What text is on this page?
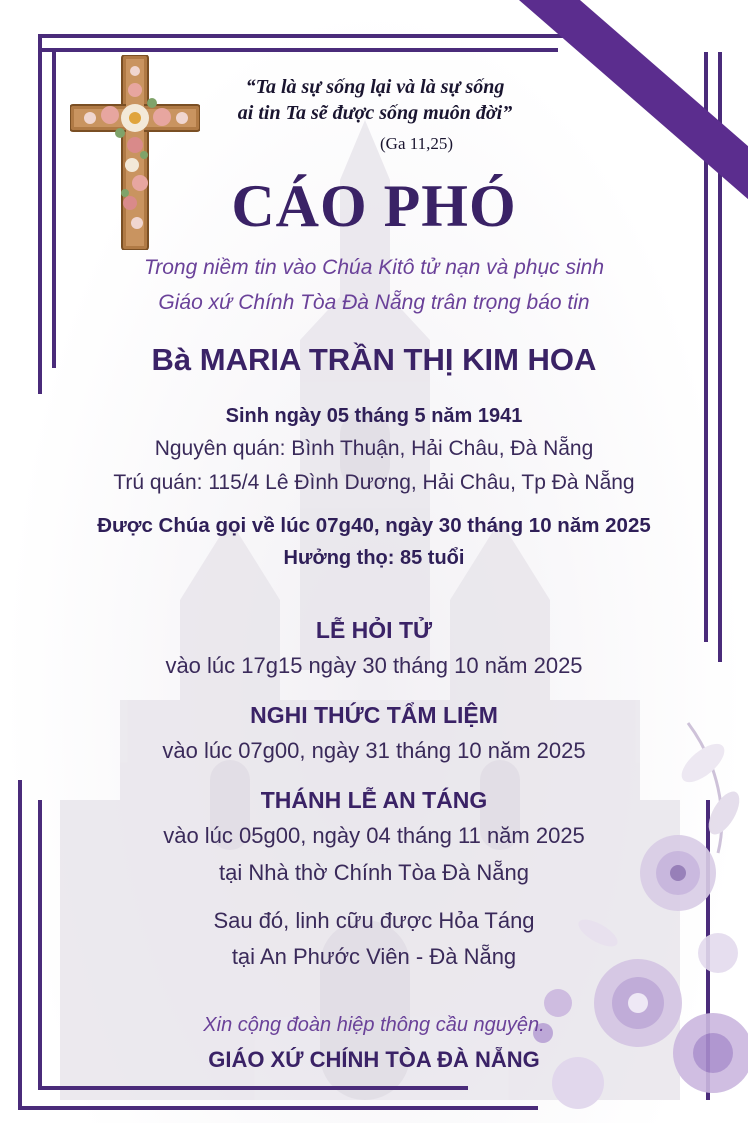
“Ta là sự sống lại và là sự sống
ai tin Ta sẽ được sống muôn đời”
(Ga 11,25)
CÁO PHÓ
Trong niềm tin vào Chúa Kitô tử nạn và phục sinh
Giáo xứ Chính Tòa Đà Nẵng trân trọng báo tin
Bà MARIA TRẦN THỊ KIM HOA
Sinh ngày 05 tháng 5 năm 1941
Nguyên quán: Bình Thuận, Hải Châu, Đà Nẵng
Trú quán: 115/4 Lê Đình Dương, Hải Châu, Tp Đà Nẵng
Được Chúa gọi về lúc 07g40, ngày 30 tháng 10 năm 2025
Hưởng thọ: 85 tuổi
LỄ HỎI TỬ
vào lúc 17g15 ngày 30 tháng 10 năm 2025
NGHI THỨC TẨM LIỆM
vào lúc 07g00, ngày 31 tháng 10 năm 2025
THÁNH LỄ AN TÁNG
vào lúc 05g00, ngày 04 tháng 11 năm 2025
tại Nhà thờ Chính Tòa Đà Nẵng
Sau đó, linh cữu được Hỏa Táng
tại An Phước Viên - Đà Nẵng
Xin cộng đoàn hiệp thông cầu nguyện.
GIÁO XỨ CHÍNH TÒA ĐÀ NẴNG
